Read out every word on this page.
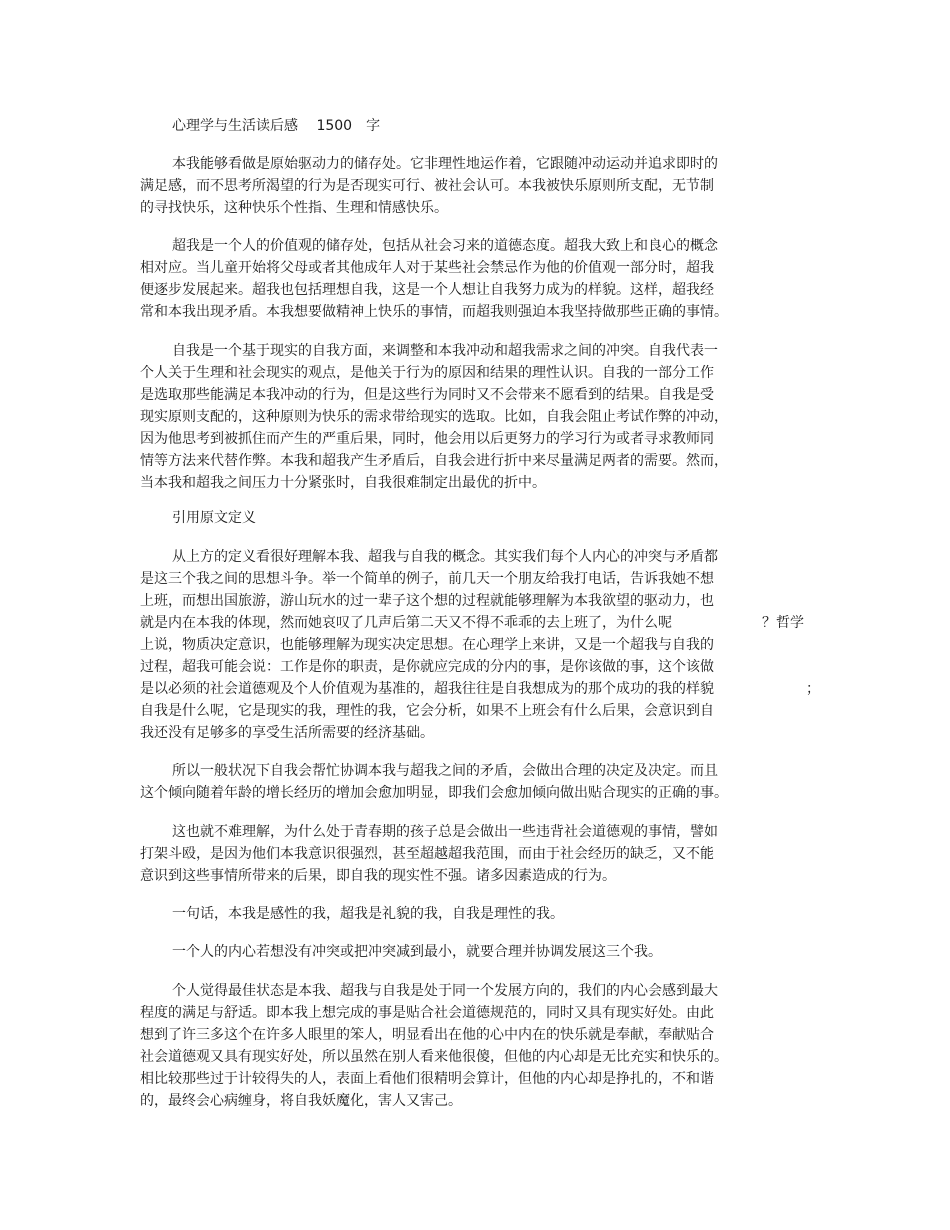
心理学与生活读后感　 1500　字
本我能够看做是原始驱动力的储存处。它非理性地运作着，它跟随冲动运动并追求即时的
满足感，而不思考所渴望的行为是否现实可行、被社会认可。本我被快乐原则所支配，无节制
的寻找快乐，这种快乐个性指、生理和情感快乐。
超我是一个人的价值观的储存处，包括从社会习来的道德态度。超我大致上和良心的概念
相对应。当儿童开始将父母或者其他成年人对于某些社会禁忌作为他的价值观一部分时，超我
便逐步发展起来。超我也包括理想自我，这是一个人想让自我努力成为的样貌。这样，超我经
常和本我出现矛盾。本我想要做精神上快乐的事情，而超我则强迫本我坚持做那些正确的事情。
自我是一个基于现实的自我方面，来调整和本我冲动和超我需求之间的冲突。自我代表一
个人关于生理和社会现实的观点，是他关于行为的原因和结果的理性认识。自我的一部分工作
是选取那些能满足本我冲动的行为，但是这些行为同时又不会带来不愿看到的结果。自我是受
现实原则支配的，这种原则为快乐的需求带给现实的选取。比如，自我会阻止考试作弊的冲动，
因为他思考到被抓住而产生的严重后果，同时，他会用以后更努力的学习行为或者寻求教师同
情等方法来代替作弊。本我和超我产生矛盾后，自我会进行折中来尽量满足两者的需要。然而，
当本我和超我之间压力十分紧张时，自我很难制定出最优的折中。
引用原文定义
从上方的定义看很好理解本我、超我与自我的概念。其实我们每个人内心的冲突与矛盾都
是这三个我之间的思想斗争。举一个简单的例子，前几天一个朋友给我打电话，告诉我她不想
上班，而想出国旅游，游山玩水的过一辈子这个想的过程就能够理解为本我欲望的驱动力，也
就是内在本我的体现，然而她哀叹了几声后第二天又不得不乖乖的去上班了，为什么呢	？哲学
上说，物质决定意识，也能够理解为现实决定思想。在心理学上来讲，又是一个超我与自我的
过程，超我可能会说：工作是你的职责，是你就应完成的分内的事，是你该做的事，这个该做
是以必须的社会道德观及个人价值观为基准的，超我往往是自我想成为的那个成功的我的样貌	；
自我是什么呢，它是现实的我，理性的我，它会分析，如果不上班会有什么后果，会意识到自
我还没有足够多的享受生活所需要的经济基础。
所以一般状况下自我会帮忙协调本我与超我之间的矛盾，会做出合理的决定及决定。而且
这个倾向随着年龄的增长经历的增加会愈加明显，即我们会愈加倾向做出贴合现实的正确的事。
这也就不难理解，为什么处于青春期的孩子总是会做出一些违背社会道德观的事情，譬如
打架斗殴，是因为他们本我意识很强烈，甚至超越超我范围，而由于社会经历的缺乏，又不能
意识到这些事情所带来的后果，即自我的现实性不强。诸多因素造成的行为。
一句话，本我是感性的我，超我是礼貌的我，自我是理性的我。
一个人的内心若想没有冲突或把冲突减到最小，就要合理并协调发展这三个我。
个人觉得最佳状态是本我、超我与自我是处于同一个发展方向的，我们的内心会感到最大
程度的满足与舒适。即本我上想完成的事是贴合社会道德规范的，同时又具有现实好处。由此
想到了许三多这个在许多人眼里的笨人，明显看出在他的心中内在的快乐就是奉献，奉献贴合
社会道德观又具有现实好处，所以虽然在别人看来他很傻，但他的内心却是无比充实和快乐的。
相比较那些过于计较得失的人，表面上看他们很精明会算计，但他的内心却是挣扎的，不和谐
的，最终会心病缠身，将自我妖魔化，害人又害己。
